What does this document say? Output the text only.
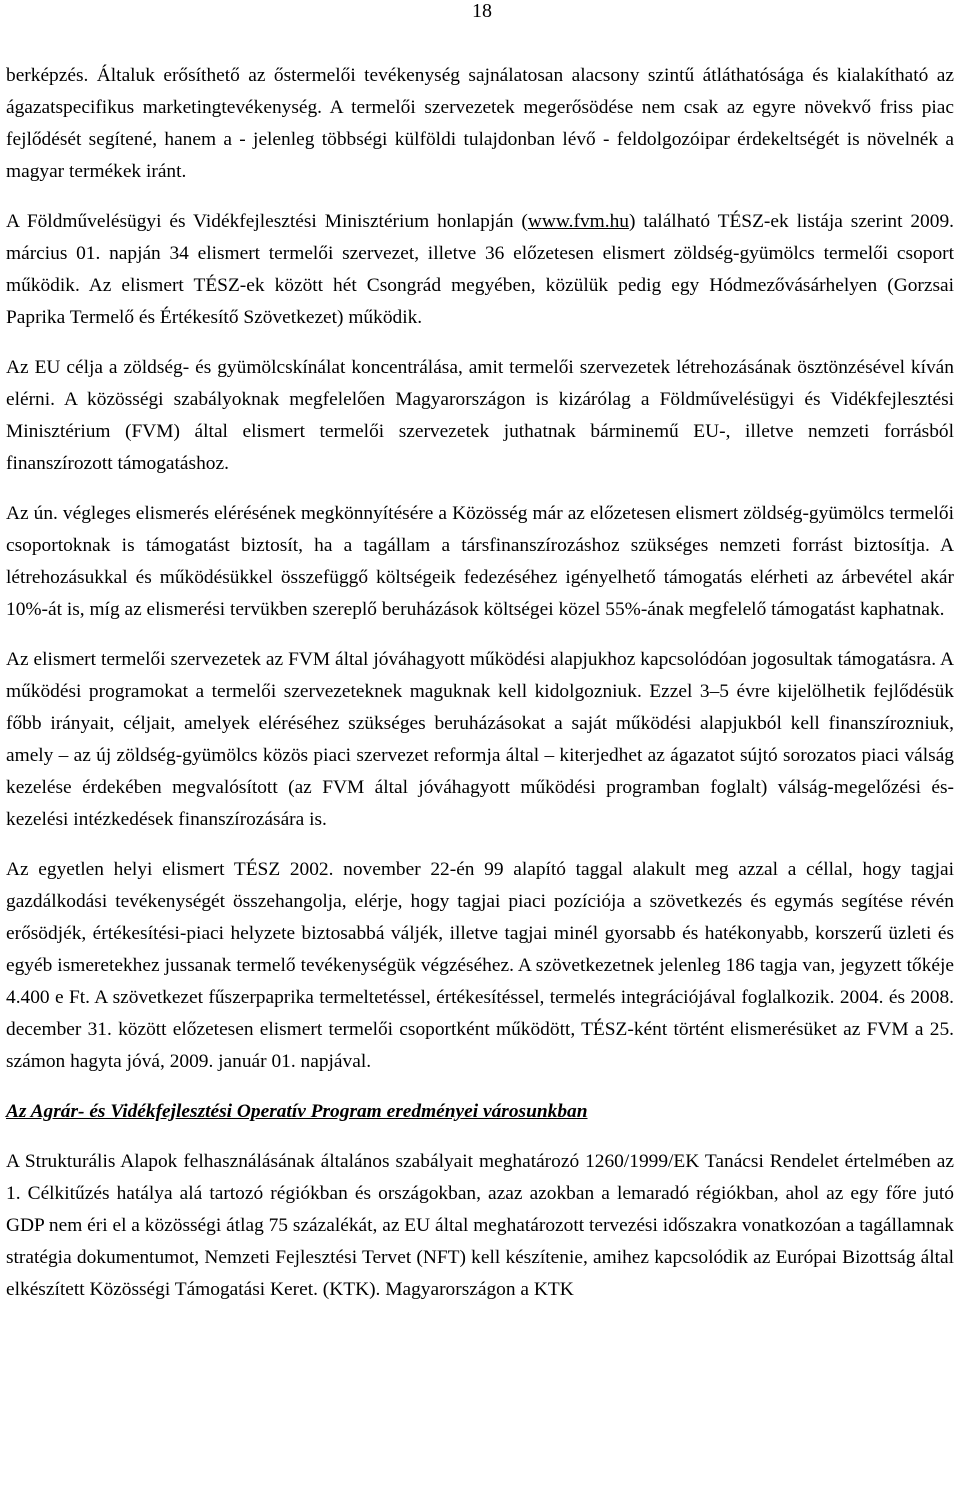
18

berképzés. Általuk erősíthető az őstermelői tevékenység sajnálatosan alacsony szintű átláthatósága és kialakítható az ágazatspecifikus marketingtevékenység. A termelői szervezetek megerősödése nem csak az egyre növekvő friss piac fejlődését segítené, hanem a - jelenleg többségi külföldi tulajdonban lévő - feldolgozóipar érdekeltségét is növelnék a magyar termékek iránt.

A Földművelésügyi és Vidékfejlesztési Minisztérium honlapján (www.fvm.hu) található TÉSZ-ek listája szerint 2009. március 01. napján 34 elismert termelői szervezet, illetve 36 előzetesen elismert zöldség-gyümölcs termelői csoport működik. Az elismert TÉSZ-ek között hét Csongrád megyében, közülük pedig egy Hódmezővásárhelyen (Gorzsai Paprika Termelő és Értékesítő Szövetkezet) működik.

Az EU célja a zöldség- és gyümölcskínálat koncentrálása, amit termelői szervezetek létrehozásának ösztönzésével kíván elérni. A közösségi szabályoknak megfelelően Magyarországon is kizárólag a Földművelésügyi és Vidékfejlesztési Minisztérium (FVM) által elismert termelői szervezetek juthatnak bárminemű EU-, illetve nemzeti forrásból finanszírozott támogatáshoz.

Az ún. végleges elismerés elérésének megkönnyítésére a Közösség már az előzetesen elismert zöldség-gyümölcs termelői csoportoknak is támogatást biztosít, ha a tagállam a társfinanszírozáshoz szükséges nemzeti forrást biztosítja. A létrehozásukkal és működésükkel összefüggő költségeik fedezéséhez igényelhető támogatás elérheti az árbevétel akár 10%-át is, míg az elismerési tervükben szereplő beruházások költségei közel 55%-ának megfelelő támogatást kaphatnak.

Az elismert termelői szervezetek az FVM által jóváhagyott működési alapjukhoz kapcsolódóan jogosultak támogatásra. A működési programokat a termelői szervezeteknek maguknak kell kidolgozniuk. Ezzel 3–5 évre kijelölhetik fejlődésük főbb irányait, céljait, amelyek eléréséhez szükséges beruházásokat a saját működési alapjukból kell finanszírozniuk, amely – az új zöldség-gyümölcs közös piaci szervezet reformja által – kiterjedhet az ágazatot sújtó sorozatos piaci válság kezelése érdekében megvalósított (az FVM által jóváhagyott működési programban foglalt) válság-megelőzési és- kezelési intézkedések finanszírozására is.

Az egyetlen helyi elismert TÉSZ 2002. november 22-én 99 alapító taggal alakult meg azzal a céllal, hogy tagjai gazdálkodási tevékenységét összehangolja, elérje, hogy tagjai piaci pozíciója a szövetkezés és egymás segítése révén erősödjék, értékesítési-piaci helyzete biztosabbá váljék, illetve tagjai minél gyorsabb és hatékonyabb, korszerű üzleti és egyéb ismeretekhez jussanak termelő tevékenységük végzéséhez. A szövetkezetnek jelenleg 186 tagja van, jegyzett tőkéje 4.400 e Ft. A szövetkezet fűszerpaprika termeltetéssel, értékesítéssel, termelés integrációjával foglalkozik. 2004. és 2008. december 31. között előzetesen elismert termelői csoportként működött, TÉSZ-ként történt elismerésüket az FVM a 25. számon hagyta jóvá, 2009. január 01. napjával.

Az Agrár- és Vidékfejlesztési Operatív Program eredményei városunkban

A Strukturális Alapok felhasználásának általános szabályait meghatározó 1260/1999/EK Tanácsi Rendelet értelmében az 1. Célkitűzés hatálya alá tartozó régiókban és országokban, azaz azokban a lemaradó régiókban, ahol az egy főre jutó GDP nem éri el a közösségi átlag 75 százalékát, az EU által meghatározott tervezési időszakra vonatkozóan a tagállamnak stratégia dokumentumot, Nemzeti Fejlesztési Tervet (NFT) kell készítenie, amihez kapcsolódik az Európai Bizottság által elkészített Közösségi Támogatási Keret. (KTK). Magyarországon a KTK
